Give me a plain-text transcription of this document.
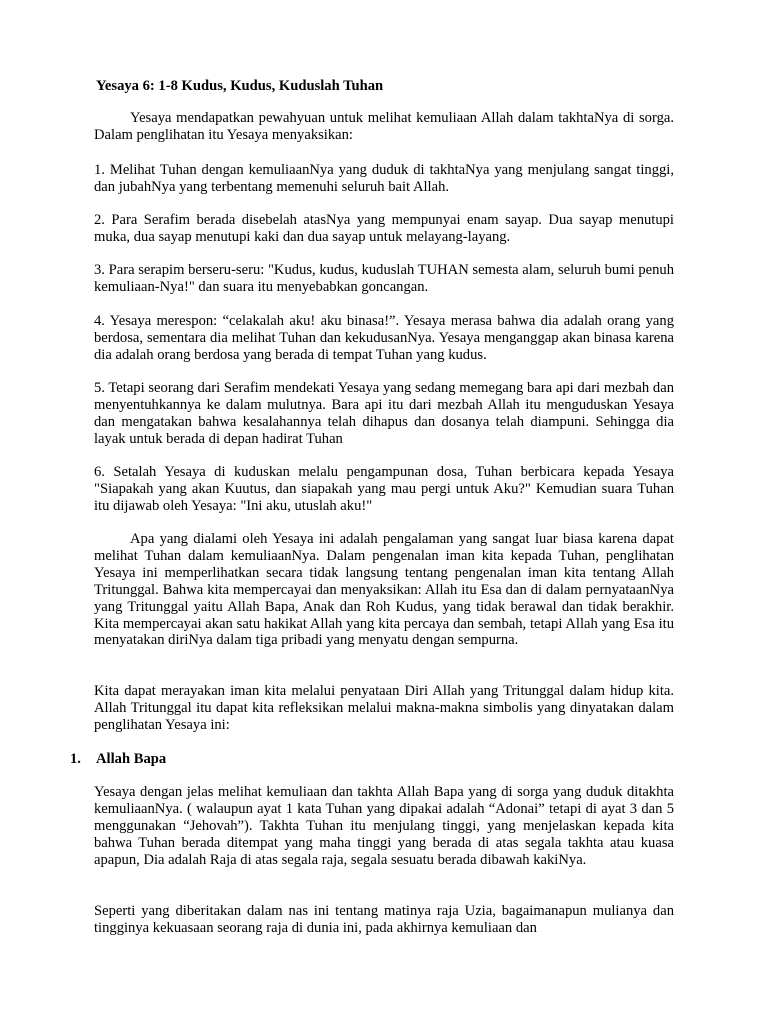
Yesaya 6: 1-8 Kudus, Kudus, Kuduslah Tuhan

Yesaya mendapatkan pewahyuan untuk melihat kemuliaan Allah dalam takhtaNya di sorga. Dalam penglihatan itu Yesaya menyaksikan:

1. Melihat Tuhan dengan kemuliaanNya yang duduk di takhtaNya yang menjulang sangat tinggi, dan jubahNya yang terbentang memenuhi seluruh bait Allah.

2. Para Serafim berada disebelah atasNya yang mempunyai enam sayap. Dua sayap menutupi muka, dua sayap menutupi kaki dan dua sayap untuk melayang-layang.

3. Para serapim berseru-seru: "Kudus, kudus, kuduslah TUHAN semesta alam, seluruh bumi penuh kemuliaan-Nya!" dan suara itu menyebabkan goncangan.

4. Yesaya merespon: “celakalah aku! aku binasa!”. Yesaya merasa bahwa dia adalah orang yang berdosa, sementara dia melihat Tuhan dan kekudusanNya. Yesaya menganggap akan binasa karena dia adalah orang berdosa yang berada di tempat Tuhan yang kudus.

5. Tetapi seorang dari Serafim mendekati Yesaya yang sedang memegang bara api dari mezbah dan menyentuhkannya ke dalam mulutnya. Bara api itu dari mezbah Allah itu menguduskan Yesaya dan mengatakan bahwa kesalahannya telah dihapus dan dosanya telah diampuni. Sehingga dia layak untuk berada di depan hadirat Tuhan

6. Setalah Yesaya di kuduskan melalu pengampunan dosa, Tuhan berbicara kepada Yesaya "Siapakah yang akan Kuutus, dan siapakah yang mau pergi untuk Aku?" Kemudian suara Tuhan itu dijawab oleh Yesaya: "Ini aku, utuslah aku!"

Apa yang dialami oleh Yesaya ini adalah pengalaman yang sangat luar biasa karena dapat melihat Tuhan dalam kemuliaanNya. Dalam pengenalan iman kita kepada Tuhan, penglihatan Yesaya ini memperlihatkan secara tidak langsung tentang pengenalan iman kita tentang Allah Tritunggal. Bahwa kita mempercayai dan menyaksikan: Allah itu Esa dan di dalam pernyataanNya yang Tritunggal yaitu Allah Bapa, Anak dan Roh Kudus, yang tidak berawal dan tidak berakhir. Kita mempercayai akan satu hakikat Allah yang kita percaya dan sembah, tetapi Allah yang Esa itu menyatakan diriNya dalam tiga pribadi yang menyatu dengan sempurna.

Kita dapat merayakan iman kita melalui penyataan Diri Allah yang Tritunggal dalam hidup kita. Allah Tritunggal itu dapat kita refleksikan melalui makna-makna simbolis yang dinyatakan dalam penglihatan Yesaya ini:

1. Allah Bapa

Yesaya dengan jelas melihat kemuliaan dan takhta Allah Bapa yang di sorga yang duduk ditakhta kemuliaanNya. ( walaupun ayat 1 kata Tuhan yang dipakai adalah “Adonai” tetapi di ayat 3 dan 5 menggunakan “Jehovah”). Takhta Tuhan itu menjulang tinggi, yang menjelaskan kepada kita bahwa Tuhan berada ditempat yang maha tinggi yang berada di atas segala takhta atau kuasa apapun, Dia adalah Raja di atas segala raja, segala sesuatu berada dibawah kakiNya.

Seperti yang diberitakan dalam nas ini tentang matinya raja Uzia, bagaimanapun mulianya dan tingginya kekuasaan seorang raja di dunia ini, pada akhirnya kemuliaan dan
